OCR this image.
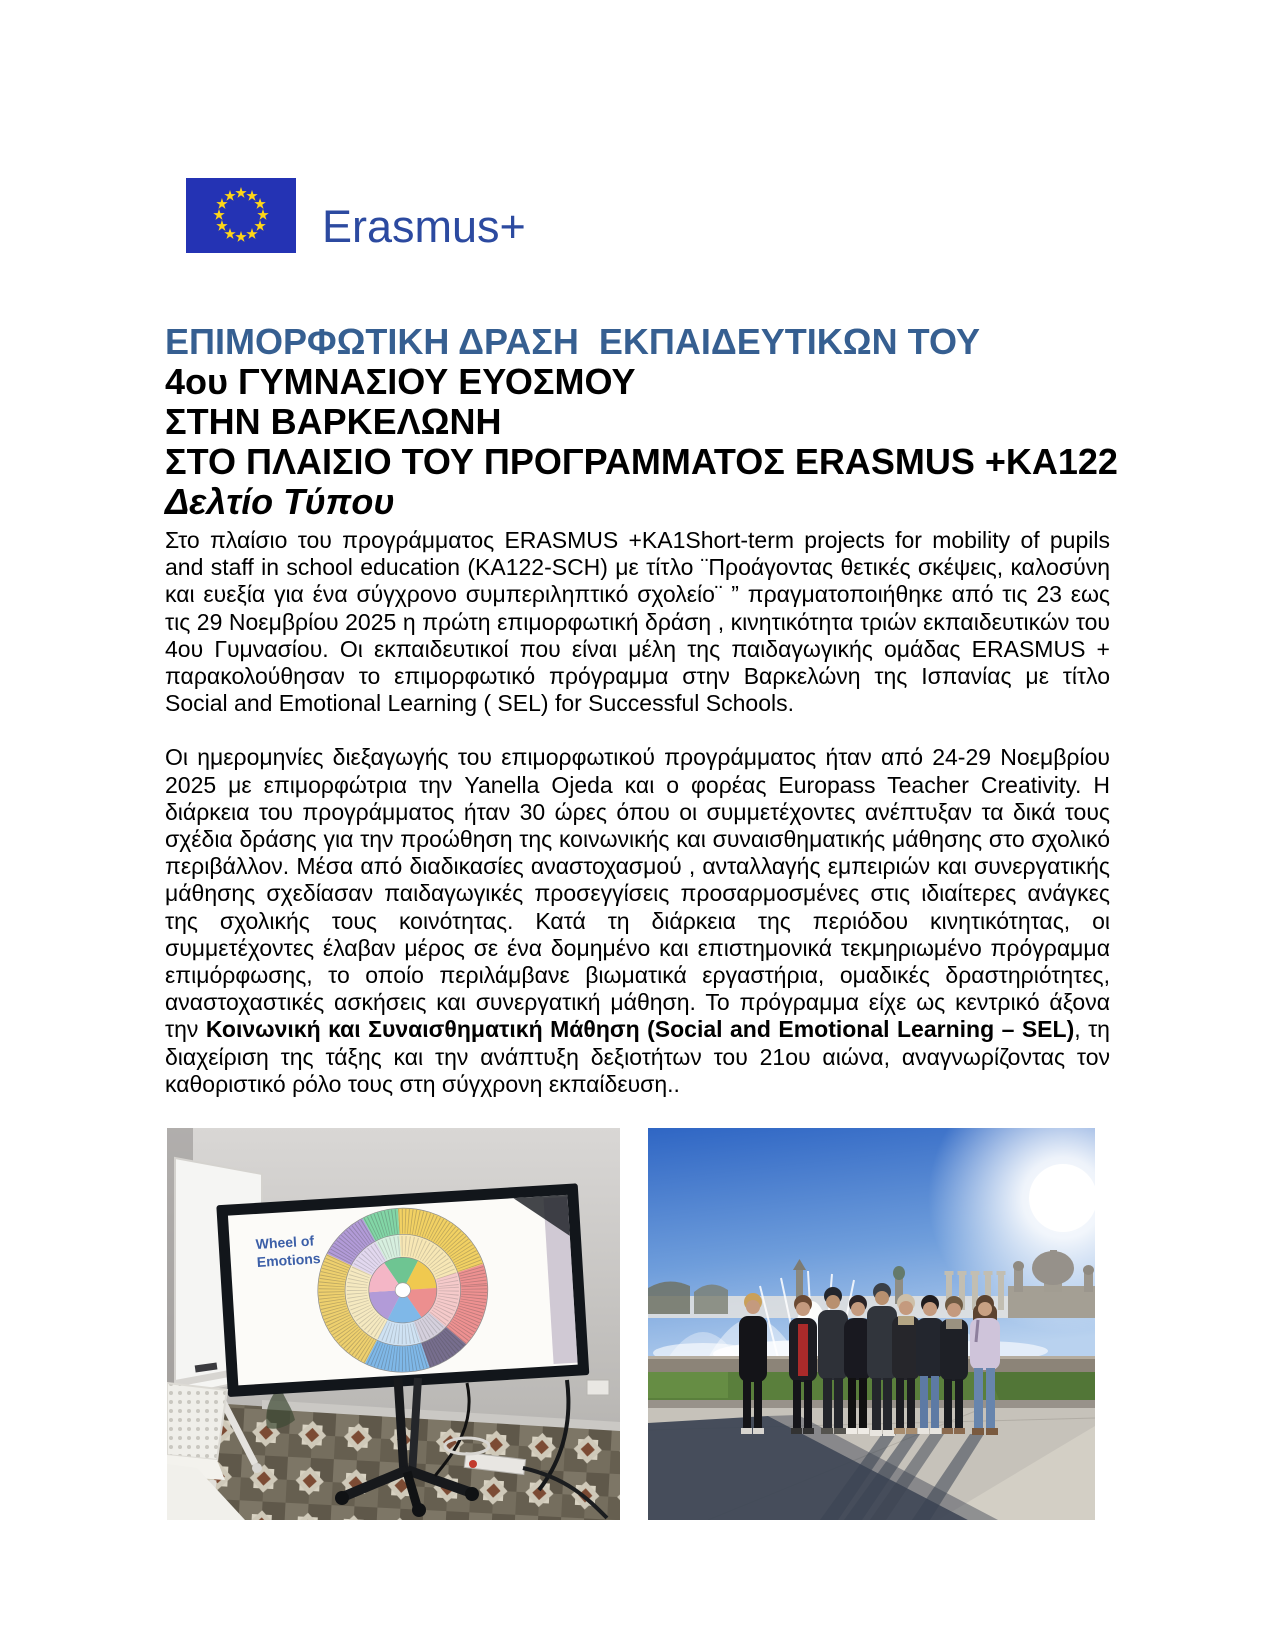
Erasmus+
ΕΠΙΜΟΡΦΩΤΙΚΗ ΔΡΑΣΗ  ΕΚΠΑΙΔΕΥΤΙΚΩΝ ΤΟΥ
4ου ΓΥΜΝΑΣΙΟΥ ΕΥΟΣΜΟΥ
ΣΤΗΝ ΒΑΡΚΕΛΩΝΗ
ΣΤΟ ΠΛΑΙΣΙΟ ΤΟΥ ΠΡΟΓΡΑΜΜΑΤΟΣ ERASMUS +ΚΑ122
Δελτίο Τύπου

Στο πλαίσιο του προγράμματος ERASMUS +KA1Short-term projects for mobility of pupils and staff in school education (KA122-SCH) με τίτλο ¨Προάγοντας θετικές σκέψεις, καλοσύνη και ευεξία για ένα σύγχρονο συμπεριληπτικό σχολείο¨ ” πραγματοποιήθηκε από τις 23 εως τις 29 Νοεμβρίου 2025 η πρώτη επιμορφωτική δράση , κινητικότητα τριών εκπαιδευτικών του 4ου Γυμνασίου. Οι εκπαιδευτικοί που είναι μέλη της παιδαγωγικής ομάδας ERASMUS + παρακολούθησαν το επιμορφωτικό πρόγραμμα στην Βαρκελώνη της Ισπανίας με τίτλο Social and Emotional Learning ( SEL) for Successful Schools.

Οι ημερομηνίες διεξαγωγής του επιμορφωτικού προγράμματος ήταν από 24-29 Νοεμβρίου 2025 με επιμορφώτρια την Yanella Ojeda και ο φορέας Europass Teacher Creativity. Η διάρκεια του προγράμματος ήταν 30 ώρες όπου οι συμμετέχοντες ανέπτυξαν τα δικά τους σχέδια δράσης για την προώθηση της κοινωνικής και συναισθηματικής μάθησης στο σχολικό περιβάλλον. Μέσα από διαδικασίες αναστοχασμού , ανταλλαγής εμπειριών και συνεργατικής μάθησης σχεδίασαν παιδαγωγικές προσεγγίσεις προσαρμοσμένες στις ιδιαίτερες ανάγκες της σχολικής τους κοινότητας. Κατά τη διάρκεια της περιόδου κινητικότητας, οι συμμετέχοντες έλαβαν μέρος σε ένα δομημένο και επιστημονικά τεκμηριωμένο πρόγραμμα επιμόρφωσης, το οποίο περιλάμβανε βιωματικά εργαστήρια, ομαδικές δραστηριότητες, αναστοχαστικές ασκήσεις και συνεργατική μάθηση. Το πρόγραμμα είχε ως κεντρικό άξονα την Κοινωνική και Συναισθηματική Μάθηση (Social and Emotional Learning – SEL), τη διαχείριση της τάξης και την ανάπτυξη δεξιοτήτων του 21ου αιώνα, αναγνωρίζοντας τον καθοριστικό ρόλο τους στη σύγχρονη εκπαίδευση..

Wheel of
Emotions
